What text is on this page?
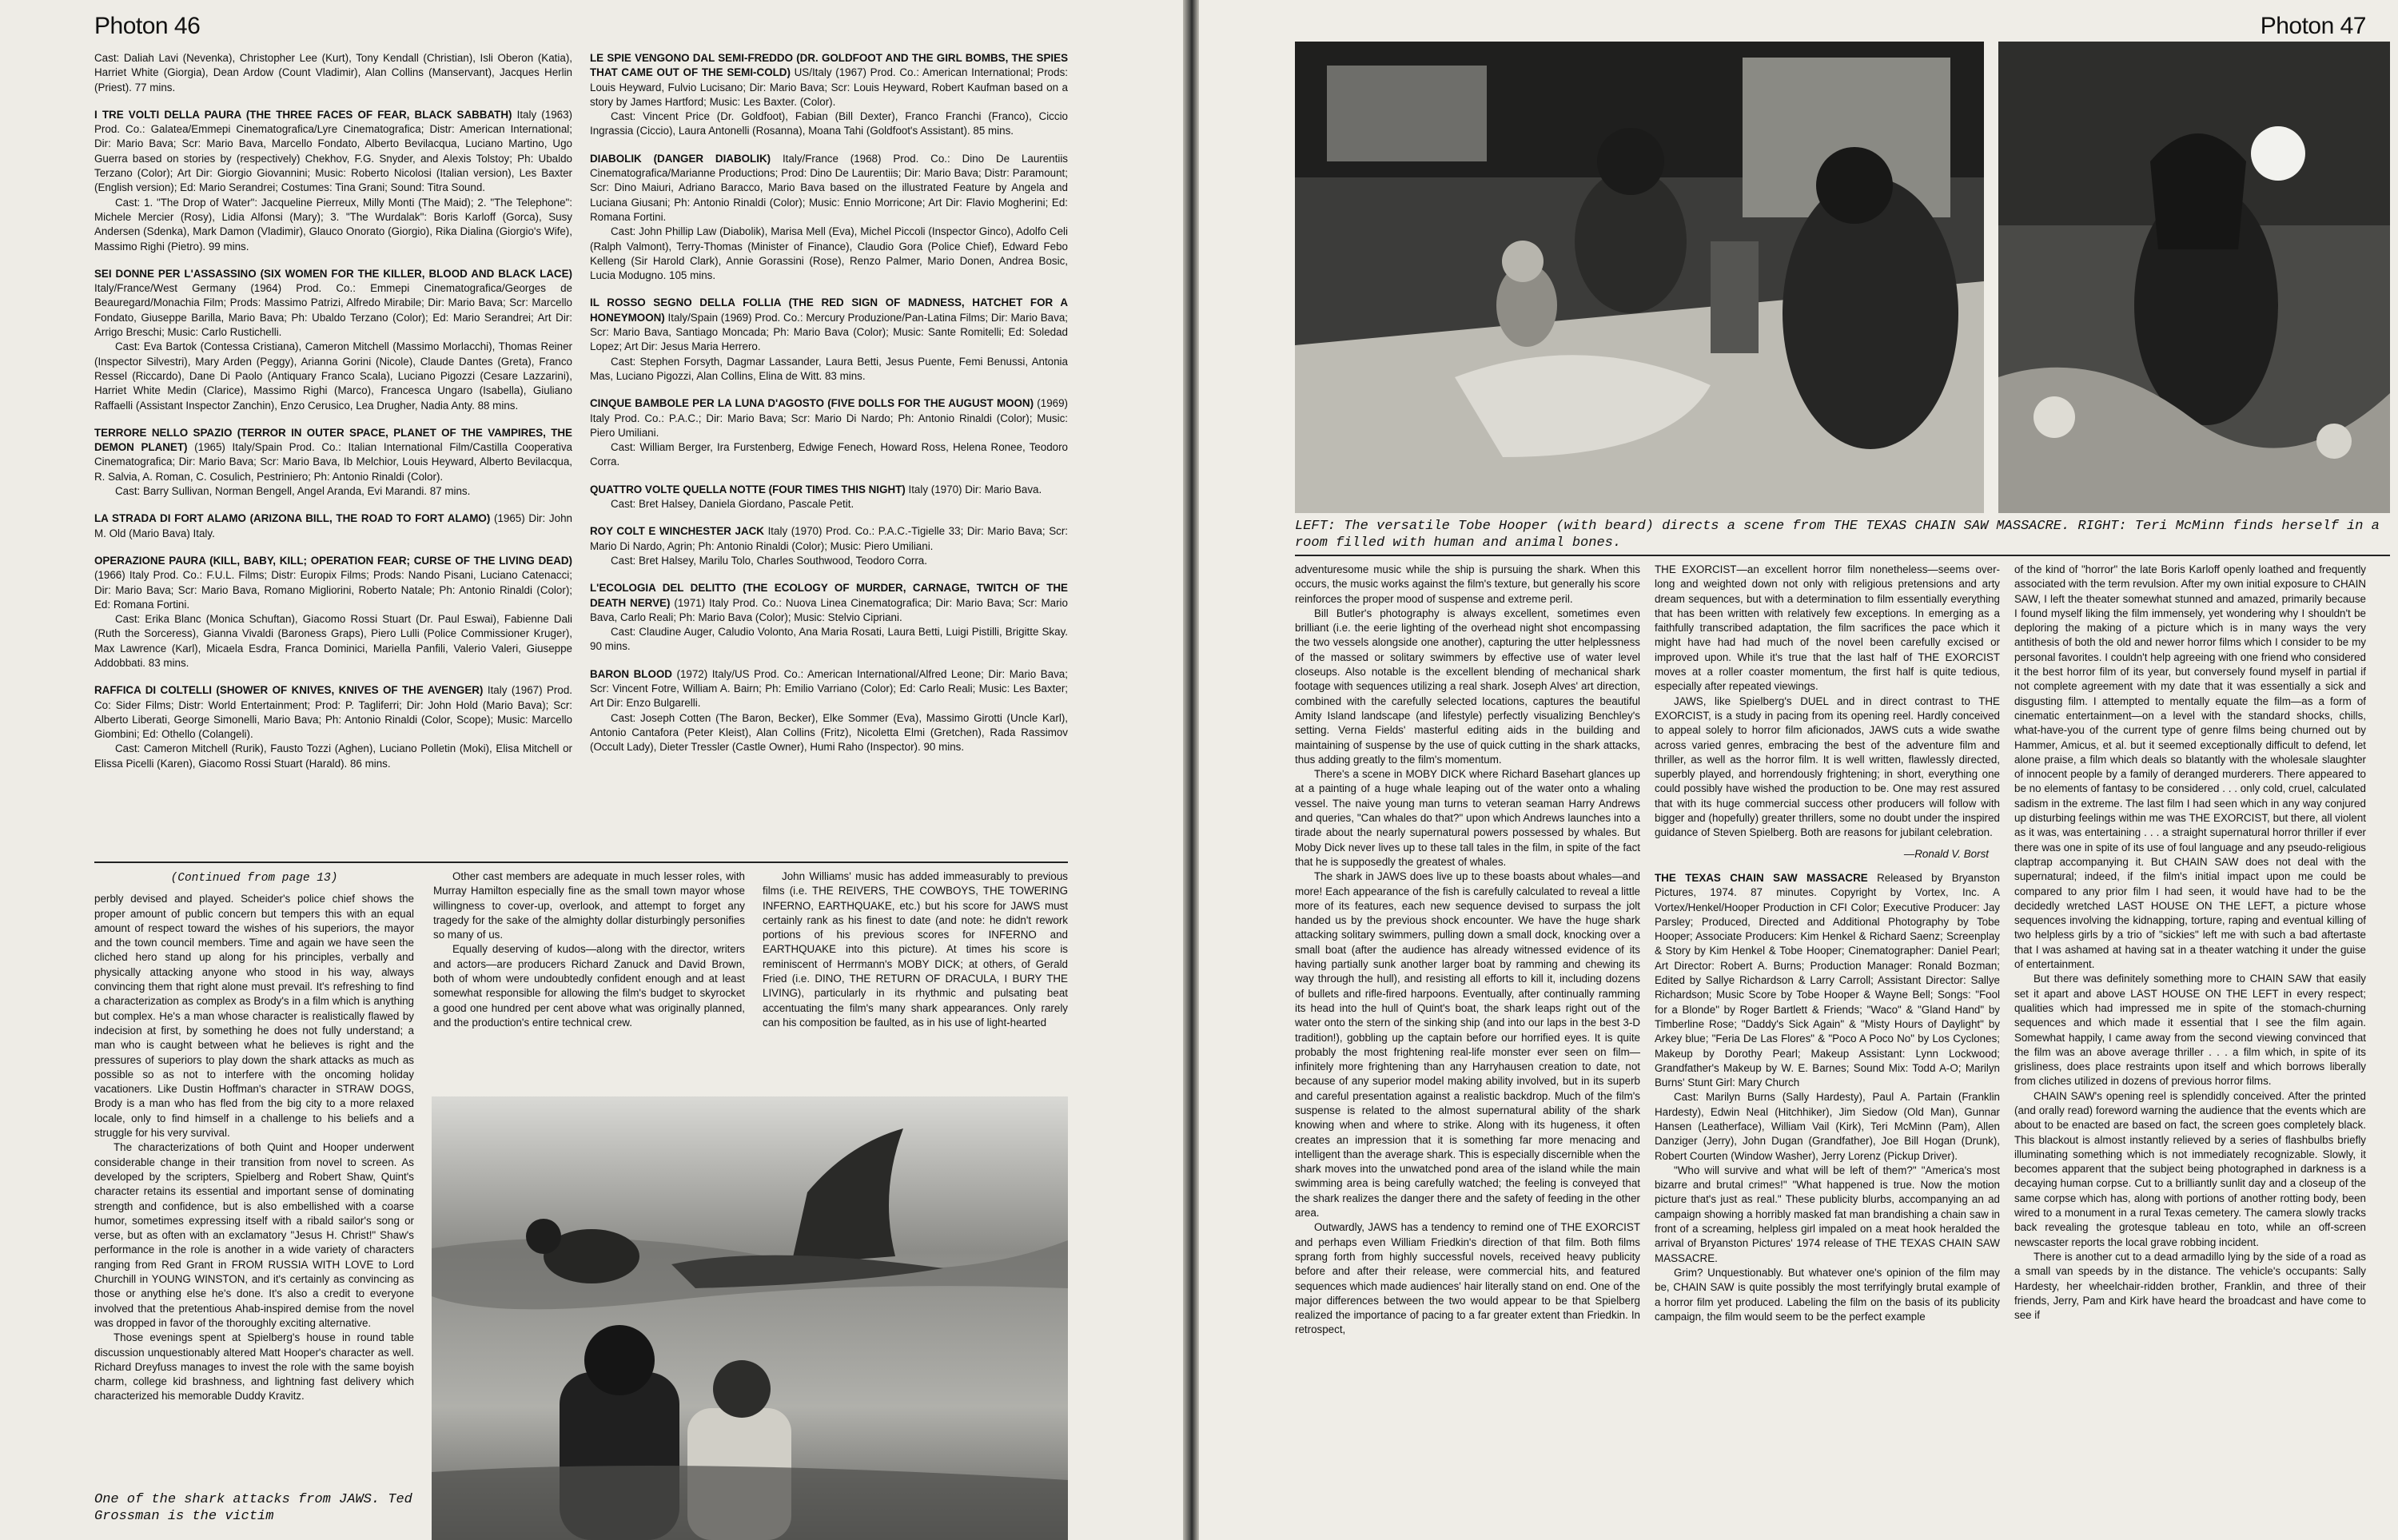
Photon 46

Cast: Daliah Lavi (Nevenka), Christopher Lee (Kurt), Tony Kendall (Christian), Isli Oberon (Katia), Harriet White (Giorgia), Dean Ardow (Count Vladimir), Alan Collins (Manservant), Jacques Herlin (Priest). 77 mins.

I TRE VOLTI DELLA PAURA (THE THREE FACES OF FEAR, BLACK SABBATH) Italy (1963) Prod. Co.: Galatea/Emmepi Cinematografica/Lyre Cinematografica; Distr: American International; Dir: Mario Bava; Scr: Mario Bava, Marcello Fondato, Alberto Bevilacqua, Luciano Martino, Ugo Guerra based on stories by (respectively) Chekhov, F.G. Snyder, and Alexis Tolstoy; Ph: Ubaldo Terzano (Color); Art Dir: Giorgio Giovannini; Music: Roberto Nicolosi (Italian version), Les Baxter (English version); Ed: Mario Serandrei; Costumes: Tina Grani; Sound: Titra Sound.

Cast: 1. "The Drop of Water": Jacqueline Pierreux, Milly Monti (The Maid); 2. "The Telephone": Michele Mercier (Rosy), Lidia Alfonsi (Mary); 3. "The Wurdalak": Boris Karloff (Gorca), Susy Andersen (Sdenka), Mark Damon (Vladimir), Glauco Onorato (Giorgio), Rika Dialina (Giorgio's Wife), Massimo Righi (Pietro). 99 mins.

SEI DONNE PER L'ASSASSINO (SIX WOMEN FOR THE KILLER, BLOOD AND BLACK LACE) Italy/France/West Germany (1964) Prod. Co.: Emmepi Cinematografica/Georges de Beauregard/Monachia Film; Prods: Massimo Patrizi, Alfredo Mirabile; Dir: Mario Bava; Scr: Marcello Fondato, Giuseppe Barilla, Mario Bava; Ph: Ubaldo Terzano (Color); Ed: Mario Serandrei; Art Dir: Arrigo Breschi; Music: Carlo Rustichelli.

Cast: Eva Bartok (Contessa Cristiana), Cameron Mitchell (Massimo Morlacchi), Thomas Reiner (Inspector Silvestri), Mary Arden (Peggy), Arianna Gorini (Nicole), Claude Dantes (Greta), Franco Ressel (Riccardo), Dane Di Paolo (Antiquary Franco Scala), Luciano Pigozzi (Cesare Lazzarini), Harriet White Medin (Clarice), Massimo Righi (Marco), Francesca Ungaro (Isabella), Giuliano Raffaelli (Assistant Inspector Zanchin), Enzo Cerusico, Lea Drugher, Nadia Anty. 88 mins.

TERRORE NELLO SPAZIO (TERROR IN OUTER SPACE, PLANET OF THE VAMPIRES, THE DEMON PLANET) (1965) Italy/Spain Prod. Co.: Italian International Film/Castilla Cooperativa Cinematografica; Dir: Mario Bava; Scr: Mario Bava, Ib Melchior, Louis Heyward, Alberto Bevilacqua, R. Salvia, A. Roman, C. Cosulich, Pestriniero; Ph: Antonio Rinaldi (Color).

Cast: Barry Sullivan, Norman Bengell, Angel Aranda, Evi Marandi. 87 mins.

LA STRADA DI FORT ALAMO (ARIZONA BILL, THE ROAD TO FORT ALAMO) (1965) Dir: John M. Old (Mario Bava) Italy.

OPERAZIONE PAURA (KILL, BABY, KILL; OPERATION FEAR; CURSE OF THE LIVING DEAD) (1966) Italy Prod. Co.: F.U.L. Films; Distr: Europix Films; Prods: Nando Pisani, Luciano Catenacci; Dir: Mario Bava; Scr: Mario Bava, Romano Migliorini, Roberto Natale; Ph: Antonio Rinaldi (Color); Ed: Romana Fortini.

Cast: Erika Blanc (Monica Schuftan), Giacomo Rossi Stuart (Dr. Paul Eswai), Fabienne Dali (Ruth the Sorceress), Gianna Vivaldi (Baroness Graps), Piero Lulli (Police Commissioner Kruger), Max Lawrence (Karl), Micaela Esdra, Franca Dominici, Mariella Panfili, Valerio Valeri, Giuseppe Addobbati. 83 mins.

RAFFICA DI COLTELLI (SHOWER OF KNIVES, KNIVES OF THE AVENGER) Italy (1967) Prod. Co: Sider Films; Distr: World Entertainment; Prod: P. Tagliferri; Dir: John Hold (Mario Bava); Scr: Alberto Liberati, George Simonelli, Mario Bava; Ph: Antonio Rinaldi (Color, Scope); Music: Marcello Giombini; Ed: Othello (Colangeli).

Cast: Cameron Mitchell (Rurik), Fausto Tozzi (Aghen), Luciano Polletin (Moki), Elisa Mitchell or Elissa Picelli (Karen), Giacomo Rossi Stuart (Harald). 86 mins.

LE SPIE VENGONO DAL SEMI-FREDDO (DR. GOLDFOOT AND THE GIRL BOMBS, THE SPIES THAT CAME OUT OF THE SEMI-COLD) US/Italy (1967) Prod. Co.: American International; Prods: Louis Heyward, Fulvio Lucisano; Dir: Mario Bava; Scr: Louis Heyward, Robert Kaufman based on a story by James Hartford; Music: Les Baxter. (Color).

Cast: Vincent Price (Dr. Goldfoot), Fabian (Bill Dexter), Franco Franchi (Franco), Ciccio Ingrassia (Ciccio), Laura Antonelli (Rosanna), Moana Tahi (Goldfoot's Assistant). 85 mins.

DIABOLIK (DANGER DIABOLIK) Italy/France (1968) Prod. Co.: Dino De Laurentiis Cinematografica/Marianne Productions; Prod: Dino De Laurentiis; Dir: Mario Bava; Distr: Paramount; Scr: Dino Maiuri, Adriano Baracco, Mario Bava based on the illustrated Feature by Angela and Luciana Giusani; Ph: Antonio Rinaldi (Color); Music: Ennio Morricone; Art Dir: Flavio Mogherini; Ed: Romana Fortini.

Cast: John Phillip Law (Diabolik), Marisa Mell (Eva), Michel Piccoli (Inspector Ginco), Adolfo Celi (Ralph Valmont), Terry-Thomas (Minister of Finance), Claudio Gora (Police Chief), Edward Febo Kelleng (Sir Harold Clark), Annie Gorassini (Rose), Renzo Palmer, Mario Donen, Andrea Bosic, Lucia Modugno. 105 mins.

IL ROSSO SEGNO DELLA FOLLIA (THE RED SIGN OF MADNESS, HATCHET FOR A HONEYMOON) Italy/Spain (1969) Prod. Co.: Mercury Produzione/Pan-Latina Films; Dir: Mario Bava; Scr: Mario Bava, Santiago Moncada; Ph: Mario Bava (Color); Music: Sante Romitelli; Ed: Soledad Lopez; Art Dir: Jesus Maria Herrero.

Cast: Stephen Forsyth, Dagmar Lassander, Laura Betti, Jesus Puente, Femi Benussi, Antonia Mas, Luciano Pigozzi, Alan Collins, Elina de Witt. 83 mins.

CINQUE BAMBOLE PER LA LUNA D'AGOSTO (FIVE DOLLS FOR THE AUGUST MOON) (1969) Italy Prod. Co.: P.A.C.; Dir: Mario Bava; Scr: Mario Di Nardo; Ph: Antonio Rinaldi (Color); Music: Piero Umiliani.

Cast: William Berger, Ira Furstenberg, Edwige Fenech, Howard Ross, Helena Ronee, Teodoro Corra.

QUATTRO VOLTE QUELLA NOTTE (FOUR TIMES THIS NIGHT) Italy (1970) Dir: Mario Bava.

Cast: Bret Halsey, Daniela Giordano, Pascale Petit.

ROY COLT E WINCHESTER JACK Italy (1970) Prod. Co.: P.A.C.-Tigielle 33; Dir: Mario Bava; Scr: Mario Di Nardo, Agrin; Ph: Antonio Rinaldi (Color); Music: Piero Umiliani.

Cast: Bret Halsey, Marilu Tolo, Charles Southwood, Teodoro Corra.

L'ECOLOGIA DEL DELITTO (THE ECOLOGY OF MURDER, CARNAGE, TWITCH OF THE DEATH NERVE) (1971) Italy Prod. Co.: Nuova Linea Cinematografica; Dir: Mario Bava; Scr: Mario Bava, Carlo Reali; Ph: Mario Bava (Color); Music: Stelvio Cipriani.

Cast: Claudine Auger, Caludio Volonto, Ana Maria Rosati, Laura Betti, Luigi Pistilli, Brigitte Skay. 90 mins.

BARON BLOOD (1972) Italy/US Prod. Co.: American International/Alfred Leone; Dir: Mario Bava; Scr: Vincent Fotre, William A. Bairn; Ph: Emilio Varriano (Color); Ed: Carlo Reali; Music: Les Baxter; Art Dir: Enzo Bulgarelli.

Cast: Joseph Cotten (The Baron, Becker), Elke Sommer (Eva), Massimo Girotti (Uncle Karl), Antonio Cantafora (Peter Kleist), Alan Collins (Fritz), Nicoletta Elmi (Gretchen), Rada Rassimov (Occult Lady), Dieter Tressler (Castle Owner), Humi Raho (Inspector). 90 mins.

(Continued from page 13)

perbly devised and played. Scheider's police chief shows the proper amount of public concern but tempers this with an equal amount of respect toward the wishes of his superiors, the mayor and the town council members. Time and again we have seen the cliched hero stand up along for his principles, verbally and physically attacking anyone who stood in his way, always convincing them that right alone must prevail. It's refreshing to find a characterization as complex as Brody's in a film which is anything but complex. He's a man whose character is realistically flawed by indecision at first, by something he does not fully understand; a man who is caught between what he believes is right and the pressures of superiors to play down the shark attacks as much as possible so as not to interfere with the oncoming holiday vacationers. Like Dustin Hoffman's character in STRAW DOGS, Brody is a man who has fled from the big city to a more relaxed locale, only to find himself in a challenge to his beliefs and a struggle for his very survival.

The characterizations of both Quint and Hooper underwent considerable change in their transition from novel to screen. As developed by the scripters, Spielberg and Robert Shaw, Quint's character retains its essential and important sense of dominating strength and confidence, but is also embellished with a coarse humor, sometimes expressing itself with a ribald sailor's song or verse, but as often with an exclamatory "Jesus H. Christ!" Shaw's performance in the role is another in a wide variety of characters ranging from Red Grant in FROM RUSSIA WITH LOVE to Lord Churchill in YOUNG WINSTON, and it's certainly as convincing as those or anything else he's done. It's also a credit to everyone involved that the pretentious Ahab-inspired demise from the novel was dropped in favor of the thoroughly exciting alternative.

Those evenings spent at Spielberg's house in round table discussion unquestionably altered Matt Hooper's character as well. Richard Dreyfuss manages to invest the role with the same boyish charm, college kid brashness, and lightning fast delivery which characterized his memorable Duddy Kravitz.

Other cast members are adequate in much lesser roles, with Murray Hamilton especially fine as the small town mayor whose willingness to cover-up, overlook, and attempt to forget any tragedy for the sake of the almighty dollar disturbingly personifies so many of us.

Equally deserving of kudos—along with the director, writers and actors—are producers Richard Zanuck and David Brown, both of whom were undoubtedly confident enough and at least somewhat responsible for allowing the film's budget to skyrocket a good one hundred per cent above what was originally planned, and the production's entire technical crew.

John Williams' music has added immeasurably to previous films (i.e. THE REIVERS, THE COWBOYS, THE TOWERING INFERNO, EARTHQUAKE, etc.) but his score for JAWS must certainly rank as his finest to date (and note: he didn't rework portions of his previous scores for INFERNO and EARTHQUAKE into this picture). At times his score is reminiscent of Herrmann's MOBY DICK; at others, of Gerald Fried (i.e. DINO, THE RETURN OF DRACULA, I BURY THE LIVING), particularly in its rhythmic and pulsating beat accentuating the film's many shark appearances. Only rarely can his composition be faulted, as in his use of light-hearted

One of the shark attacks from JAWS. Ted Grossman is the victim
Photon 47
LEFT: The versatile Tobe Hooper (with beard) directs a scene from THE TEXAS CHAIN SAW MASSACRE. RIGHT: Teri McMinn finds herself in a room filled with human and animal bones.

adventuresome music while the ship is pursuing the shark. When this occurs, the music works against the film's texture, but generally his score reinforces the proper mood of suspense and extreme peril.

Bill Butler's photography is always excellent, sometimes even brilliant (i.e. the eerie lighting of the overhead night shot encompassing the two vessels alongside one another), capturing the utter helplessness of the massed or solitary swimmers by effective use of water level closeups. Also notable is the excellent blending of mechanical shark footage with sequences utilizing a real shark. Joseph Alves' art direction, combined with the carefully selected locations, captures the beautiful Amity Island landscape (and lifestyle) perfectly visualizing Benchley's setting. Verna Fields' masterful editing aids in the building and maintaining of suspense by the use of quick cutting in the shark attacks, thus adding greatly to the film's momentum.

There's a scene in MOBY DICK where Richard Basehart glances up at a painting of a huge whale leaping out of the water onto a whaling vessel. The naive young man turns to veteran seaman Harry Andrews and queries, "Can whales do that?" upon which Andrews launches into a tirade about the nearly supernatural powers possessed by whales. But Moby Dick never lives up to these tall tales in the film, in spite of the fact that he is supposedly the greatest of whales.

The shark in JAWS does live up to these boasts about whales—and more! Each appearance of the fish is carefully calculated to reveal a little more of its features, each new sequence devised to surpass the jolt handed us by the previous shock encounter. We have the huge shark attacking solitary swimmers, pulling down a small dock, knocking over a small boat (after the audience has already witnessed evidence of its having partially sunk another larger boat by ramming and chewing its way through the hull), and resisting all efforts to kill it, including dozens of bullets and rifle-fired harpoons. Eventually, after continually ramming its head into the hull of Quint's boat, the shark leaps right out of the water onto the stern of the sinking ship (and into our laps in the best 3-D tradition!), gobbling up the captain before our horrified eyes. It is quite probably the most frightening real-life monster ever seen on film—infinitely more frightening than any Harryhausen creation to date, not because of any superior model making ability involved, but in its superb and careful presentation against a realistic backdrop. Much of the film's suspense is related to the almost supernatural ability of the shark knowing when and where to strike. Along with its hugeness, it often creates an impression that it is something far more menacing and intelligent than the average shark. This is especially discernible when the shark moves into the unwatched pond area of the island while the main swimming area is being carefully watched; the feeling is conveyed that the shark realizes the danger there and the safety of feeding in the other area.

Outwardly, JAWS has a tendency to remind one of THE EXORCIST and perhaps even William Friedkin's direction of that film. Both films sprang forth from highly successful novels, received heavy publicity before and after their release, were commercial hits, and featured sequences which made audiences' hair literally stand on end. One of the major differences between the two would appear to be that Spielberg realized the importance of pacing to a far greater extent than Friedkin. In retrospect,

THE EXORCIST—an excellent horror film nonetheless—seems over-long and weighted down not only with religious pretensions and arty dream sequences, but with a determination to film essentially everything that has been written with relatively few exceptions. In emerging as a faithfully transcribed adaptation, the film sacrifices the pace which it might have had had much of the novel been carefully excised or improved upon. While it's true that the last half of THE EXORCIST moves at a roller coaster momentum, the first half is quite tedious, especially after repeated viewings.

JAWS, like Spielberg's DUEL and in direct contrast to THE EXORCIST, is a study in pacing from its opening reel. Hardly conceived to appeal solely to horror film aficionados, JAWS cuts a wide swathe across varied genres, embracing the best of the adventure film and thriller, as well as the horror film. It is well written, flawlessly directed, superbly played, and horrendously frightening; in short, everything one could possibly have wished the production to be. One may rest assured that with its huge commercial success other producers will follow with bigger and (hopefully) greater thrillers, some no doubt under the inspired guidance of Steven Spielberg. Both are reasons for jubilant celebration.

—Ronald V. Borst

THE TEXAS CHAIN SAW MASSACRE Released by Bryanston Pictures, 1974. 87 minutes. Copyright by Vortex, Inc. A Vortex/Henkel/Hooper Production in CFI Color; Executive Producer: Jay Parsley; Produced, Directed and Additional Photography by Tobe Hooper; Associate Producers: Kim Henkel & Richard Saenz; Screenplay & Story by Kim Henkel & Tobe Hooper; Cinematographer: Daniel Pearl; Art Director: Robert A. Burns; Production Manager: Ronald Bozman; Edited by Sallye Richardson & Larry Carroll; Assistant Director: Sallye Richardson; Music Score by Tobe Hooper & Wayne Bell; Songs: "Fool for a Blonde" by Roger Bartlett & Friends; "Waco" & "Gland Hand" by Timberline Rose; "Daddy's Sick Again" & "Misty Hours of Daylight" by Arkey blue; "Feria De Las Flores" & "Poco A Poco No" by Los Cyclones; Makeup by Dorothy Pearl; Makeup Assistant: Lynn Lockwood; Grandfather's Makeup by W. E. Barnes; Sound Mix: Todd A-O; Marilyn Burns' Stunt Girl: Mary Church

Cast: Marilyn Burns (Sally Hardesty), Paul A. Partain (Franklin Hardesty), Edwin Neal (Hitchhiker), Jim Siedow (Old Man), Gunnar Hansen (Leatherface), William Vail (Kirk), Teri McMinn (Pam), Allen Danziger (Jerry), John Dugan (Grandfather), Joe Bill Hogan (Drunk), Robert Courten (Window Washer), Jerry Lorenz (Pickup Driver).

"Who will survive and what will be left of them?" "America's most bizarre and brutal crimes!" "What happened is true. Now the motion picture that's just as real." These publicity blurbs, accompanying an ad campaign showing a horribly masked fat man brandishing a chain saw in front of a screaming, helpless girl impaled on a meat hook heralded the arrival of Bryanston Pictures' 1974 release of THE TEXAS CHAIN SAW MASSACRE.

Grim? Unquestionably. But whatever one's opinion of the film may be, CHAIN SAW is quite possibly the most terrifyingly brutal example of a horror film yet produced. Labeling the film on the basis of its publicity campaign, the film would seem to be the perfect example

of the kind of "horror" the late Boris Karloff openly loathed and frequently associated with the term revulsion. After my own initial exposure to CHAIN SAW, I left the theater somewhat stunned and amazed, primarily because I found myself liking the film immensely, yet wondering why I shouldn't be deploring the making of a picture which is in many ways the very antithesis of both the old and newer horror films which I consider to be my personal favorites. I couldn't help agreeing with one friend who considered it the best horror film of its year, but conversely found myself in partial if not complete agreement with my date that it was essentially a sick and disgusting film. I attempted to mentally equate the film—as a form of cinematic entertainment—on a level with the standard shocks, chills, what-have-you of the current type of genre films being churned out by Hammer, Amicus, et al. but it seemed exceptionally difficult to defend, let alone praise, a film which deals so blatantly with the wholesale slaughter of innocent people by a family of deranged murderers. There appeared to be no elements of fantasy to be considered . . . only cold, cruel, calculated sadism in the extreme. The last film I had seen which in any way conjured up disturbing feelings within me was THE EXORCIST, but there, all violent as it was, was entertaining . . . a straight supernatural horror thriller if ever there was one in spite of its use of foul language and any pseudo-religious claptrap accompanying it. But CHAIN SAW does not deal with the supernatural; indeed, if the film's initial impact upon me could be compared to any prior film I had seen, it would have had to be the decidedly wretched LAST HOUSE ON THE LEFT, a picture whose sequences involving the kidnapping, torture, raping and eventual killing of two helpless girls by a trio of "sickies" left me with such a bad aftertaste that I was ashamed at having sat in a theater watching it under the guise of entertainment.

But there was definitely something more to CHAIN SAW that easily set it apart and above LAST HOUSE ON THE LEFT in every respect; qualities which had impressed me in spite of the stomach-churning sequences and which made it essential that I see the film again. Somewhat happily, I came away from the second viewing convinced that the film was an above average thriller . . . a film which, in spite of its grisliness, does place restraints upon itself and which borrows liberally from cliches utilized in dozens of previous horror films.

CHAIN SAW's opening reel is splendidly conceived. After the printed (and orally read) foreword warning the audience that the events which are about to be enacted are based on fact, the screen goes completely black. This blackout is almost instantly relieved by a series of flashbulbs briefly illuminating something which is not immediately recognizable. Slowly, it becomes apparent that the subject being photographed in darkness is a decaying human corpse. Cut to a brilliantly sunlit day and a closeup of the same corpse which has, along with portions of another rotting body, been wired to a monument in a rural Texas cemetery. The camera slowly tracks back revealing the grotesque tableau en toto, while an off-screen newscaster reports the local grave robbing incident.

There is another cut to a dead armadillo lying by the side of a road as a small van speeds by in the distance. The vehicle's occupants: Sally Hardesty, her wheelchair-ridden brother, Franklin, and three of their friends, Jerry, Pam and Kirk have heard the broadcast and have come to see if
